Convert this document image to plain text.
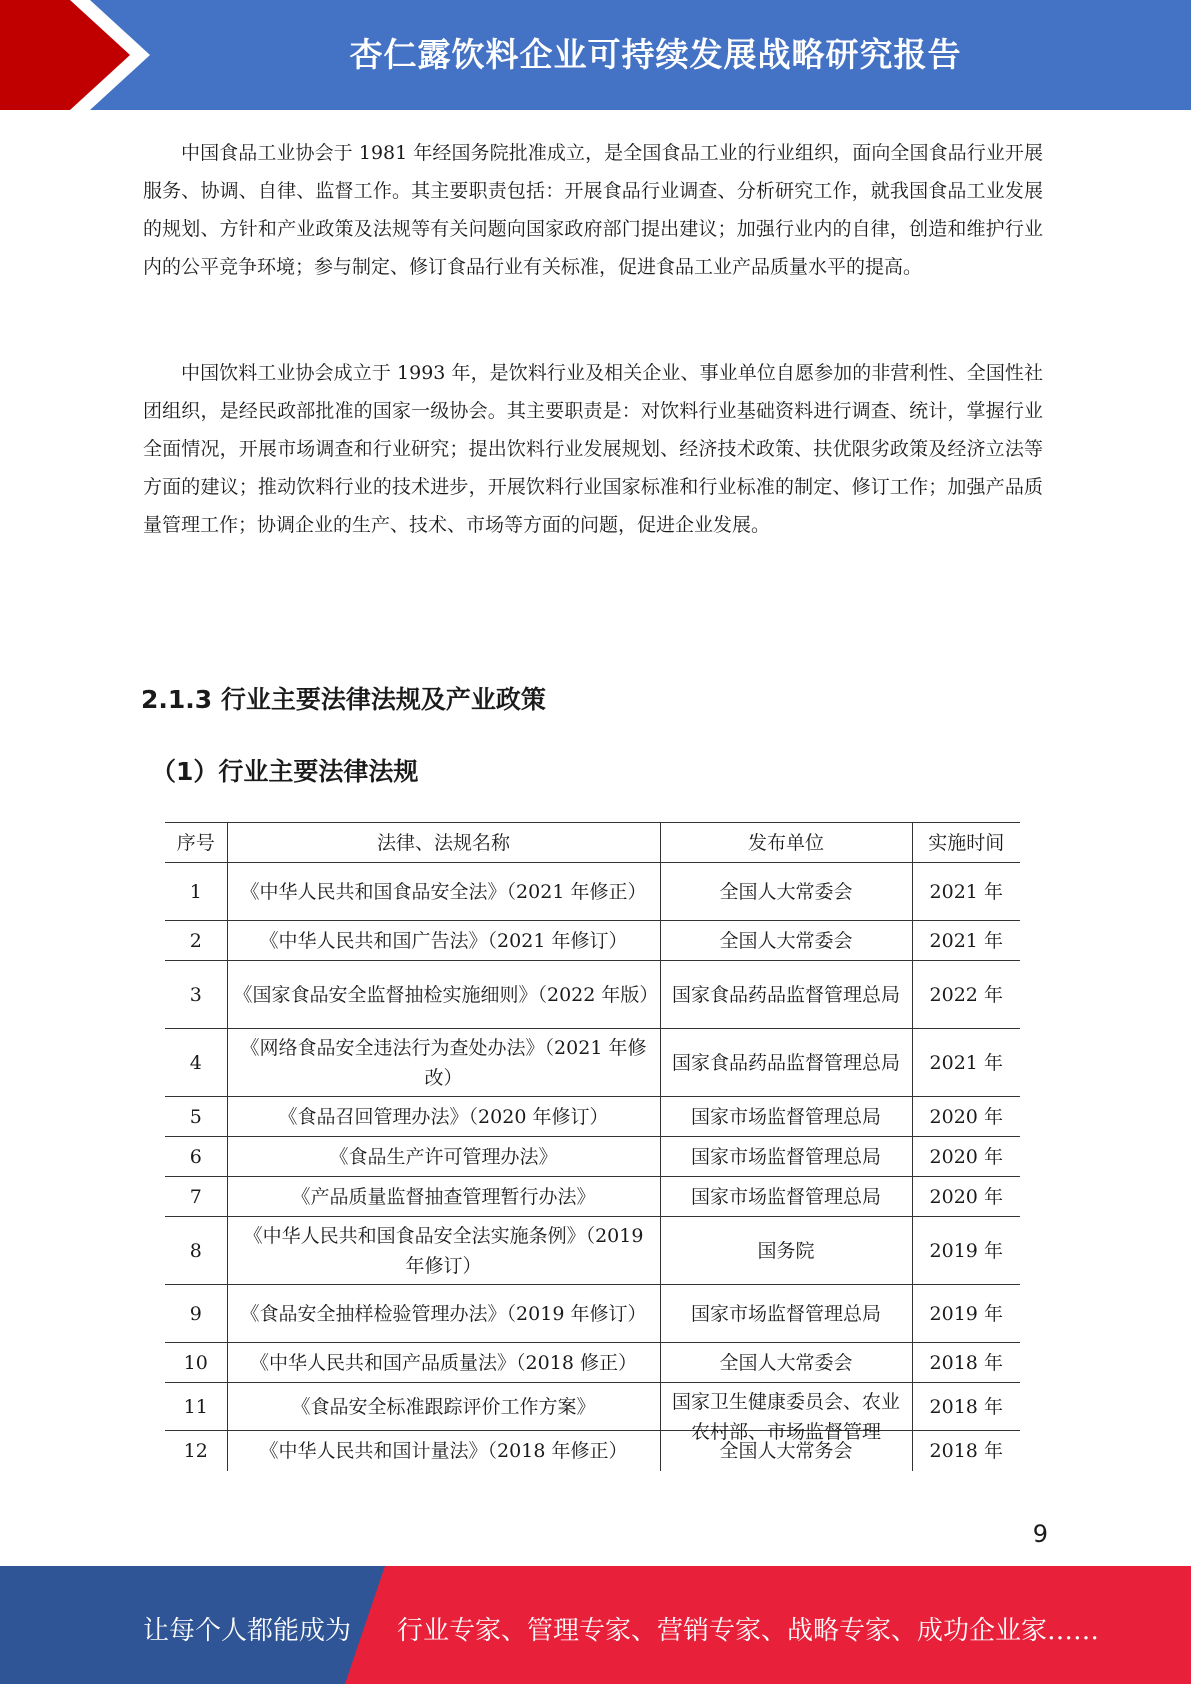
杏仁露饮料企业可持续发展战略研究报告

中国食品工业协会于 1981 年经国务院批准成立，是全国食品工业的行业组织，面向全国食品行业开展服务、协调、自律、监督工作。其主要职责包括：开展食品行业调查、分析研究工作，就我国食品工业发展的规划、方针和产业政策及法规等有关问题向国家政府部门提出建议；加强行业内的自律，创造和维护行业内的公平竞争环境；参与制定、修订食品行业有关标准，促进食品工业产品质量水平的提高。

中国饮料工业协会成立于 1993 年，是饮料行业及相关企业、事业单位自愿参加的非营利性、全国性社团组织，是经民政部批准的国家一级协会。其主要职责是：对饮料行业基础资料进行调查、统计，掌握行业全面情况，开展市场调查和行业研究；提出饮料行业发展规划、经济技术政策、扶优限劣政策及经济立法等方面的建议；推动饮料行业的技术进步，开展饮料行业国家标准和行业标准的制定、修订工作；加强产品质量管理工作；协调企业的生产、技术、市场等方面的问题，促进企业发展。

2.1.3 行业主要法律法规及产业政策
（1）行业主要法律法规
序号	法律、法规名称	发布单位	实施时间
1	《中华人民共和国食品安全法》（2021 年修正）	全国人大常委会	2021 年
2	《中华人民共和国广告法》（2021 年修订）	全国人大常委会	2021 年
3	《国家食品安全监督抽检实施细则》（2022 年版）	国家食品药品监督管理总局	2022 年
4	《网络食品安全违法行为查处办法》（2021 年修改）	国家食品药品监督管理总局	2021 年
5	《食品召回管理办法》（2020 年修订）	国家市场监督管理总局	2020 年
6	《食品生产许可管理办法》	国家市场监督管理总局	2020 年
7	《产品质量监督抽查管理暂行办法》	国家市场监督管理总局	2020 年
8	《中华人民共和国食品安全法实施条例》（2019 年修订）	国务院	2019 年
9	《食品安全抽样检验管理办法》（2019 年修订）	国家市场监督管理总局	2019 年
10	《中华人民共和国产品质量法》（2018 修正）	全国人大常委会	2018 年
11	《食品安全标准跟踪评价工作方案》	国家卫生健康委员会、农业农村部、市场监督管理	2018 年
12	《中华人民共和国计量法》（2018 年修正）	全国人大常务会	2018 年
9
让每个人都能成为 行业专家、管理专家、营销专家、战略专家、成功企业家……
